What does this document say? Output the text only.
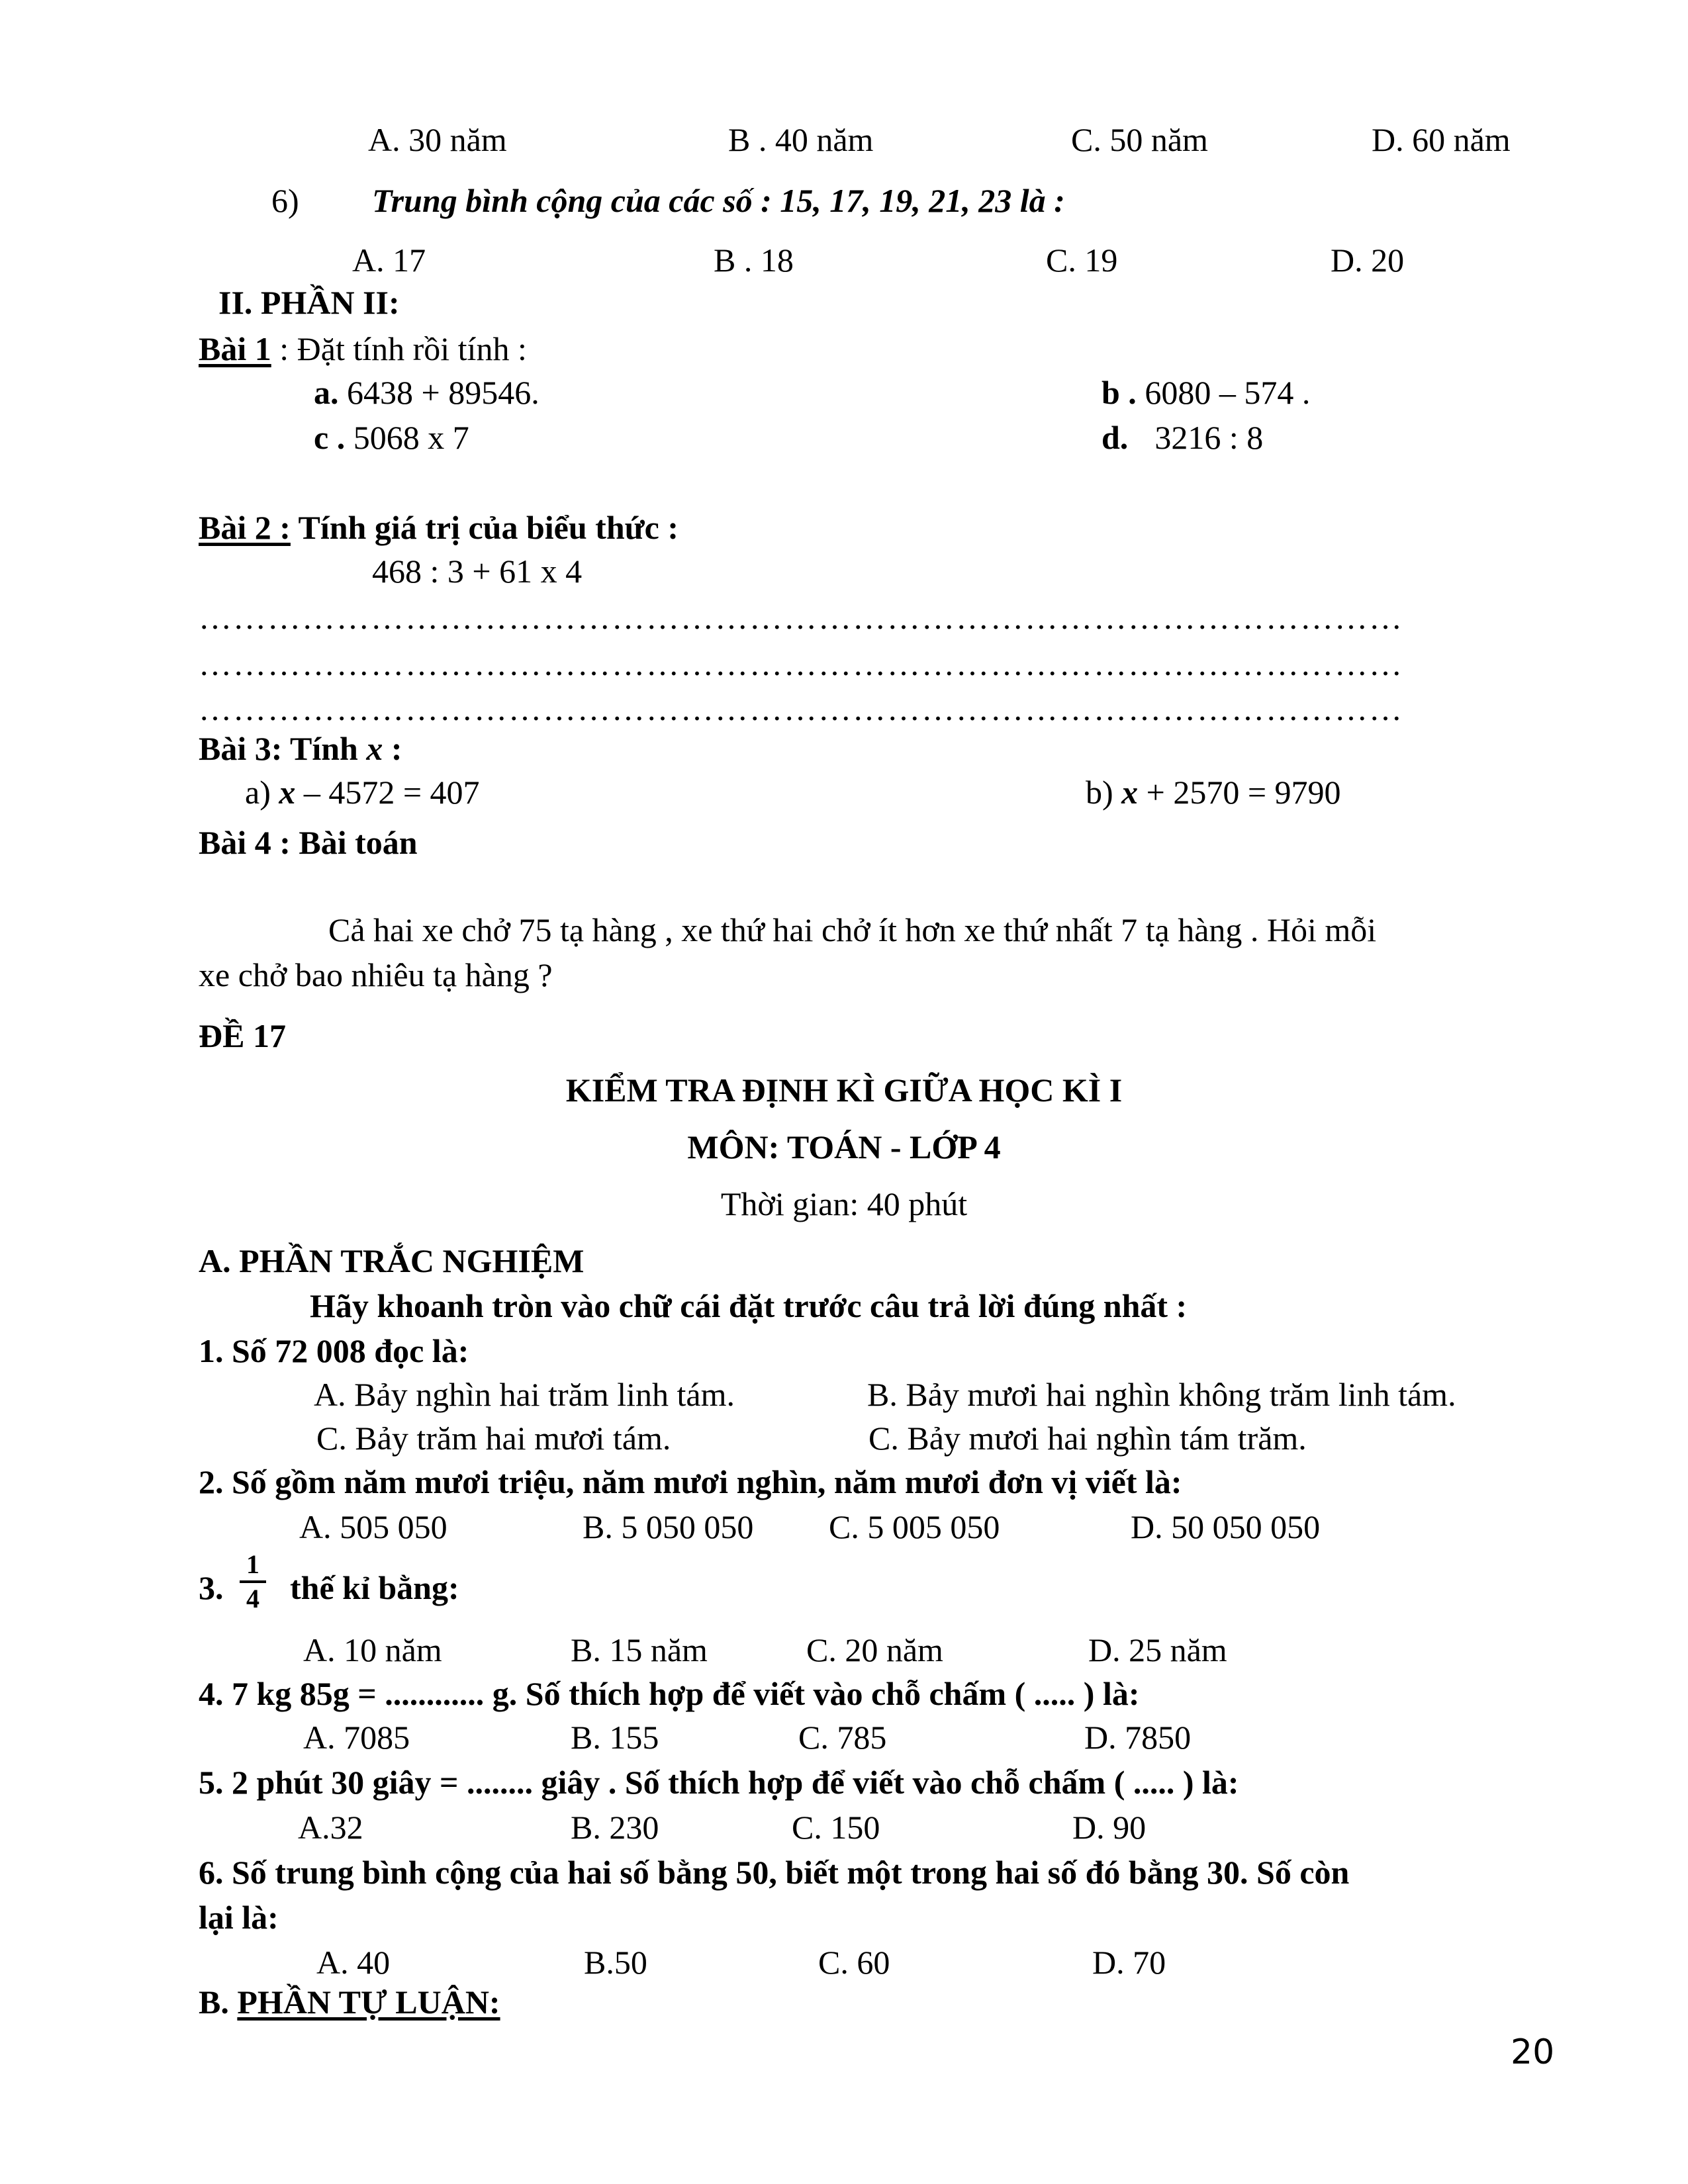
A. 30 năm	B . 40 năm	C. 50 năm	D. 60 năm
6) Trung bình cộng của các số : 15, 17, 19, 21, 23 là :
A. 17	B . 18	C. 19	D. 20
II. PHẦN II:
Bài 1 : Đặt tính rồi tính :
a. 6438 + 89546.	b . 6080 – 574 .
c . 5068 x 7	d. 3216 : 8
Bài 2 : Tính giá trị của biểu thức :
468 : 3 + 61 x 4
……………………………………………………………………………………………
……………………………………………………………………………………………
……………………………………………………………………………………………
Bài 3: Tính x :
a) x – 4572 = 407	b) x + 2570 = 9790
Bài 4 : Bài toán
Cả hai xe chở 75 tạ hàng , xe thứ hai chở ít hơn xe thứ nhất 7 tạ hàng . Hỏi mỗi
xe chở bao nhiêu tạ hàng ?
ĐỀ 17
KIỂM TRA ĐỊNH KÌ GIỮA HỌC KÌ I
MÔN: TOÁN - LỚP 4
Thời gian: 40 phút
A. PHẦN TRẮC NGHIỆM
Hãy khoanh tròn vào chữ cái đặt trước câu trả lời đúng nhất :
1. Số 72 008 đọc là:
A. Bảy nghìn hai trăm linh tám.	B. Bảy mươi hai nghìn không trăm linh tám.
C. Bảy trăm hai mươi tám.	C. Bảy mươi hai nghìn tám trăm.
2. Số gồm năm mươi triệu, năm mươi nghìn, năm mươi đơn vị viết là:
A. 505 050	B. 5 050 050 C. 5 005 050	D. 50 050 050
3.
1
4 thế kỉ bằng:
A. 10 năm	B. 15 năm	C. 20 năm	D. 25 năm
4. 7 kg 85g = ............ g. Số thích hợp để viết vào chỗ chấm ( ..... ) là:
A. 7085	B. 155	C. 785	D. 7850
5. 2 phút 30 giây = ........ giây . Số thích hợp để viết vào chỗ chấm ( ..... ) là:
A.32	B. 230	C. 150	D. 90
6. Số trung bình cộng của hai số bằng 50, biết một trong hai số đó bằng 30. Số còn
lại là:
A. 40	B.50	C. 60	D. 70
B. PHẦN TỰ LUẬN:
20
